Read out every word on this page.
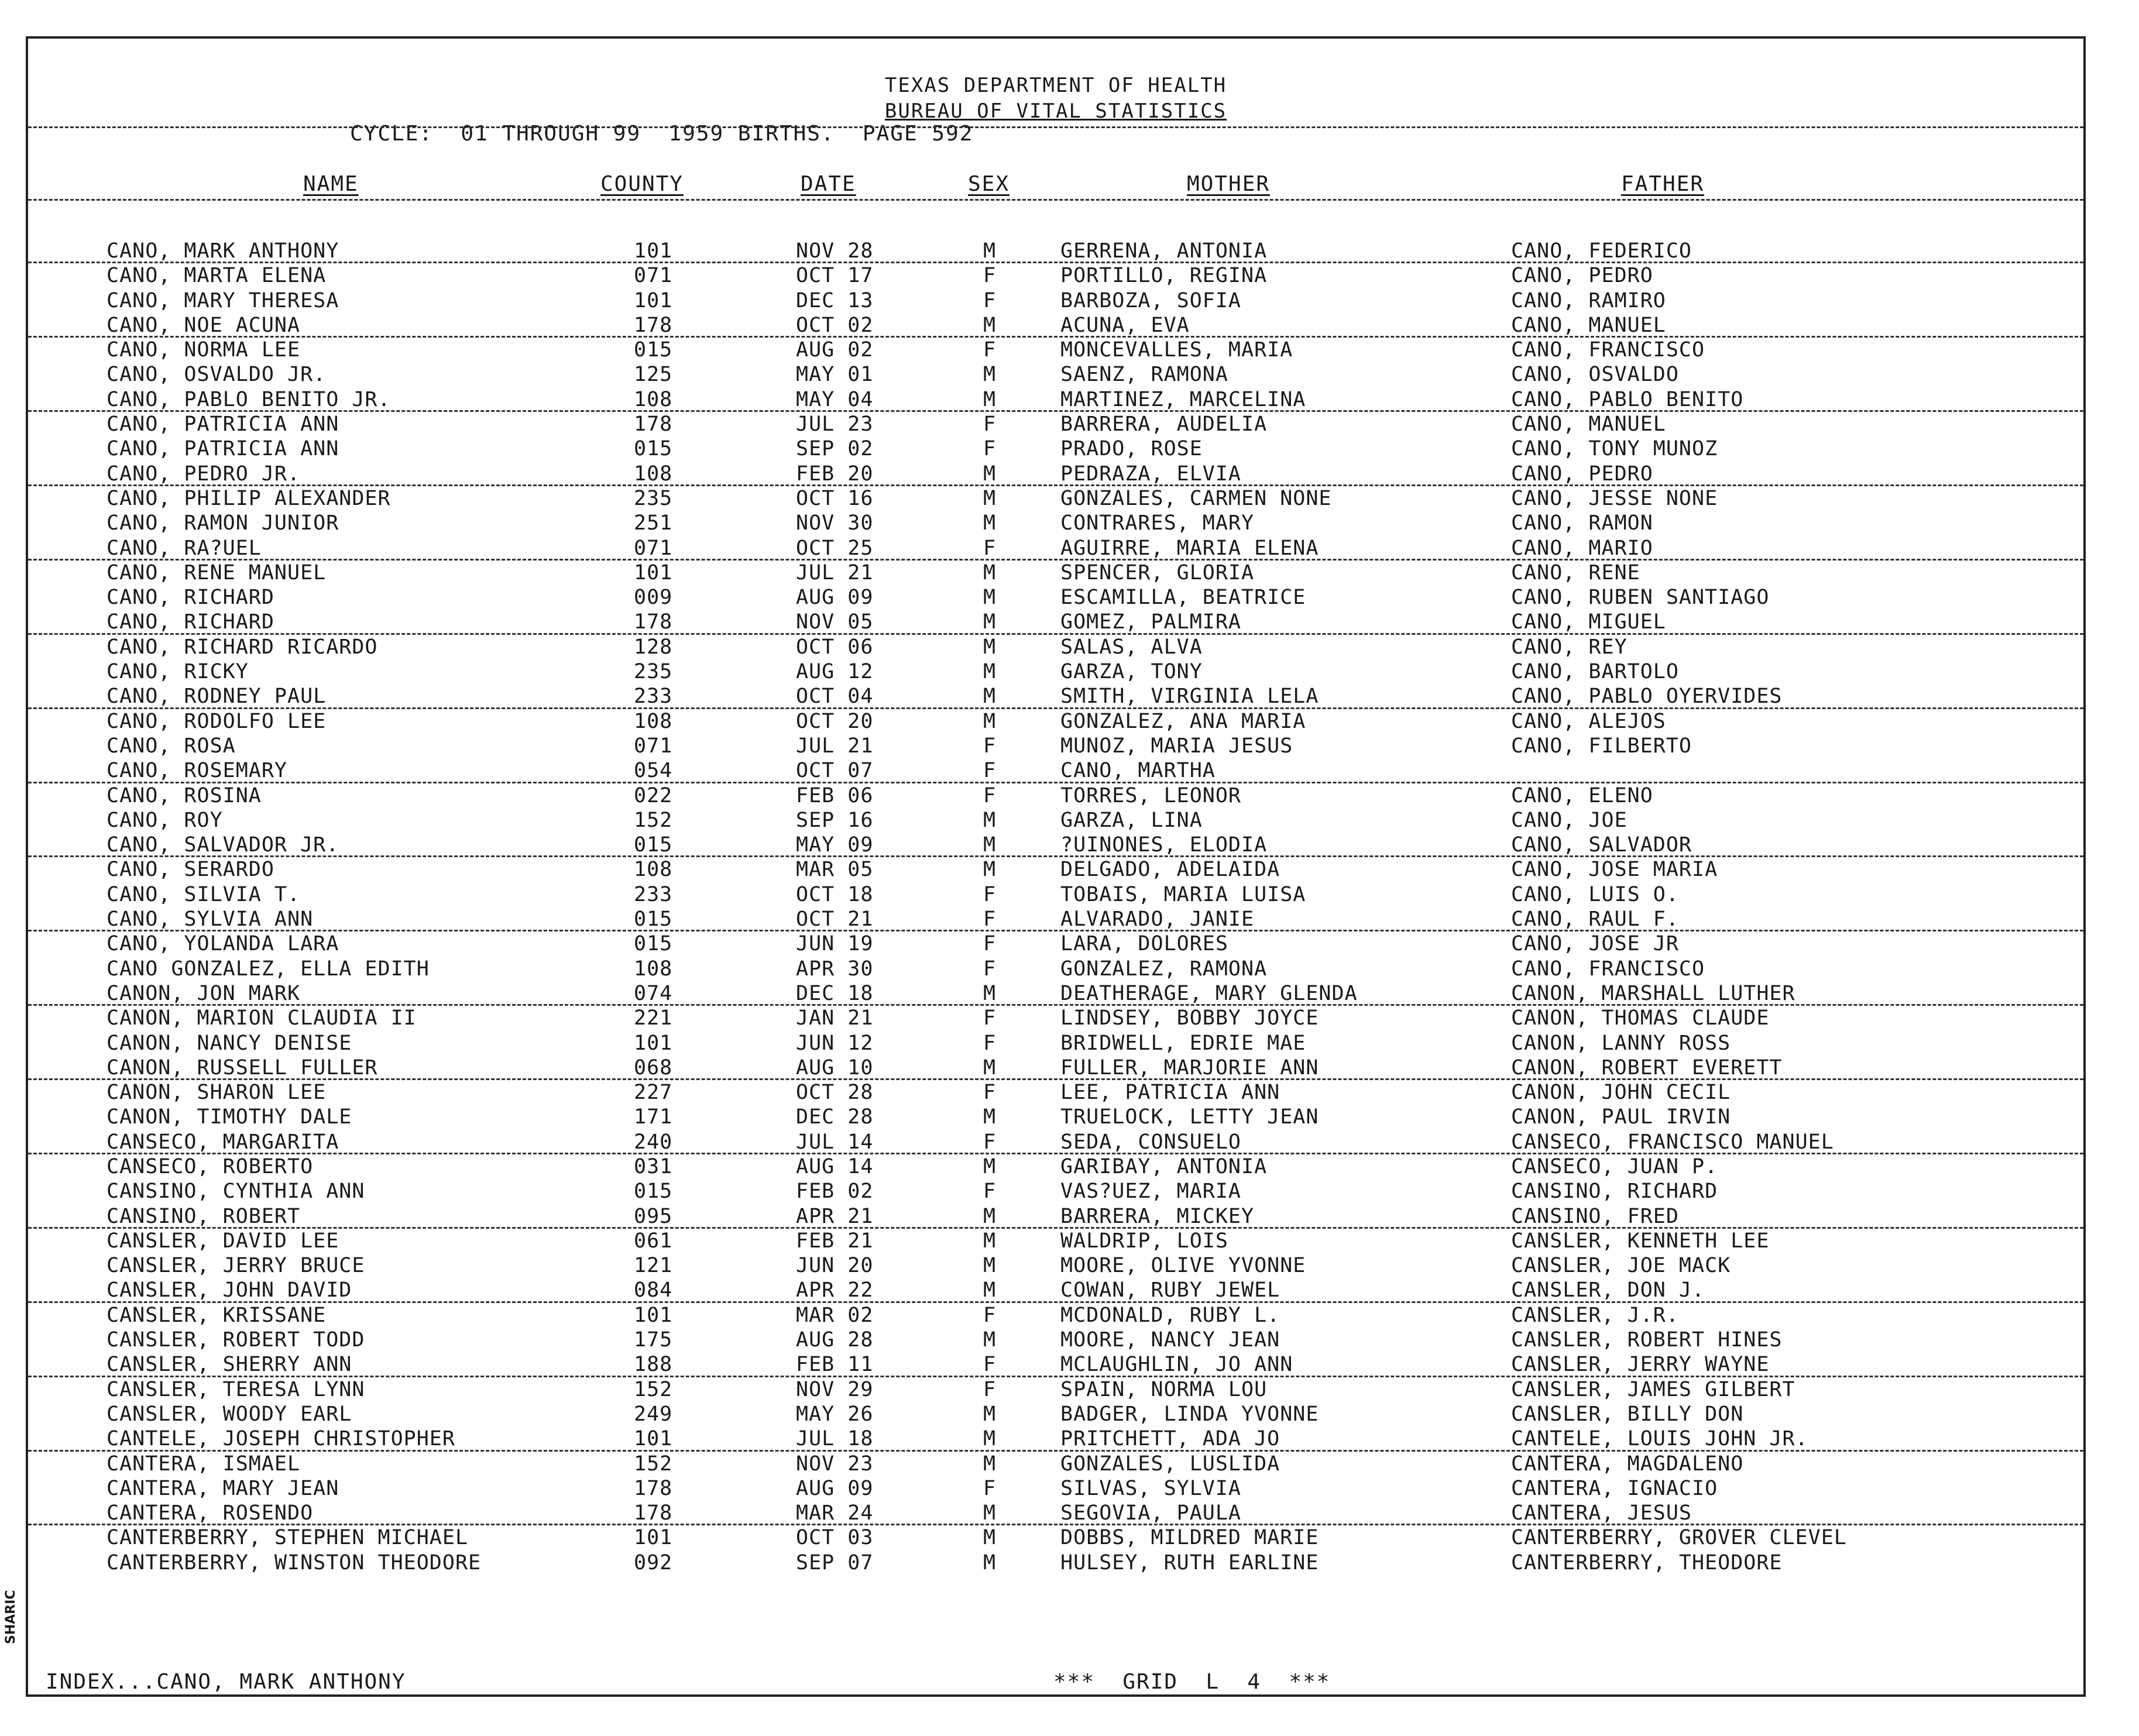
TEXAS DEPARTMENT OF HEALTH
BUREAU OF VITAL STATISTICS
CYCLE:  01 THROUGH 99  1959 BIRTHS.  PAGE 592
NAME	COUNTY	DATE	SEX	MOTHER	FATHER
CANO, MARK ANTHONY	101	NOV 28	M	GERRENA, ANTONIA	CANO, FEDERICO
CANO, MARTA ELENA	071	OCT 17	F	PORTILLO, REGINA	CANO, PEDRO
CANO, MARY THERESA	101	DEC 13	F	BARBOZA, SOFIA	CANO, RAMIRO
CANO, NOE ACUNA	178	OCT 02	M	ACUNA, EVA	CANO, MANUEL
CANO, NORMA LEE	015	AUG 02	F	MONCEVALLES, MARIA	CANO, FRANCISCO
CANO, OSVALDO JR.	125	MAY 01	M	SAENZ, RAMONA	CANO, OSVALDO
CANO, PABLO BENITO JR.	108	MAY 04	M	MARTINEZ, MARCELINA	CANO, PABLO BENITO
CANO, PATRICIA ANN	178	JUL 23	F	BARRERA, AUDELIA	CANO, MANUEL
CANO, PATRICIA ANN	015	SEP 02	F	PRADO, ROSE	CANO, TONY MUNOZ
CANO, PEDRO JR.	108	FEB 20	M	PEDRAZA, ELVIA	CANO, PEDRO
CANO, PHILIP ALEXANDER	235	OCT 16	M	GONZALES, CARMEN NONE	CANO, JESSE NONE
CANO, RAMON JUNIOR	251	NOV 30	M	CONTRARES, MARY	CANO, RAMON
CANO, RA?UEL	071	OCT 25	F	AGUIRRE, MARIA ELENA	CANO, MARIO
CANO, RENE MANUEL	101	JUL 21	M	SPENCER, GLORIA	CANO, RENE
CANO, RICHARD	009	AUG 09	M	ESCAMILLA, BEATRICE	CANO, RUBEN SANTIAGO
CANO, RICHARD	178	NOV 05	M	GOMEZ, PALMIRA	CANO, MIGUEL
CANO, RICHARD RICARDO	128	OCT 06	M	SALAS, ALVA	CANO, REY
CANO, RICKY	235	AUG 12	M	GARZA, TONY	CANO, BARTOLO
CANO, RODNEY PAUL	233	OCT 04	M	SMITH, VIRGINIA LELA	CANO, PABLO OYERVIDES
CANO, RODOLFO LEE	108	OCT 20	M	GONZALEZ, ANA MARIA	CANO, ALEJOS
CANO, ROSA	071	JUL 21	F	MUNOZ, MARIA JESUS	CANO, FILBERTO
CANO, ROSEMARY	054	OCT 07	F	CANO, MARTHA
CANO, ROSINA	022	FEB 06	F	TORRES, LEONOR	CANO, ELENO
CANO, ROY	152	SEP 16	M	GARZA, LINA	CANO, JOE
CANO, SALVADOR JR.	015	MAY 09	M	?UINONES, ELODIA	CANO, SALVADOR
CANO, SERARDO	108	MAR 05	M	DELGADO, ADELAIDA	CANO, JOSE MARIA
CANO, SILVIA T.	233	OCT 18	F	TOBAIS, MARIA LUISA	CANO, LUIS O.
CANO, SYLVIA ANN	015	OCT 21	F	ALVARADO, JANIE	CANO, RAUL F.
CANO, YOLANDA LARA	015	JUN 19	F	LARA, DOLORES	CANO, JOSE JR
CANO GONZALEZ, ELLA EDITH	108	APR 30	F	GONZALEZ, RAMONA	CANO, FRANCISCO
CANON, JON MARK	074	DEC 18	M	DEATHERAGE, MARY GLENDA	CANON, MARSHALL LUTHER
CANON, MARION CLAUDIA II	221	JAN 21	F	LINDSEY, BOBBY JOYCE	CANON, THOMAS CLAUDE
CANON, NANCY DENISE	101	JUN 12	F	BRIDWELL, EDRIE MAE	CANON, LANNY ROSS
CANON, RUSSELL FULLER	068	AUG 10	M	FULLER, MARJORIE ANN	CANON, ROBERT EVERETT
CANON, SHARON LEE	227	OCT 28	F	LEE, PATRICIA ANN	CANON, JOHN CECIL
CANON, TIMOTHY DALE	171	DEC 28	M	TRUELOCK, LETTY JEAN	CANON, PAUL IRVIN
CANSECO, MARGARITA	240	JUL 14	F	SEDA, CONSUELO	CANSECO, FRANCISCO MANUEL
CANSECO, ROBERTO	031	AUG 14	M	GARIBAY, ANTONIA	CANSECO, JUAN P.
CANSINO, CYNTHIA ANN	015	FEB 02	F	VAS?UEZ, MARIA	CANSINO, RICHARD
CANSINO, ROBERT	095	APR 21	M	BARRERA, MICKEY	CANSINO, FRED
CANSLER, DAVID LEE	061	FEB 21	M	WALDRIP, LOIS	CANSLER, KENNETH LEE
CANSLER, JERRY BRUCE	121	JUN 20	M	MOORE, OLIVE YVONNE	CANSLER, JOE MACK
CANSLER, JOHN DAVID	084	APR 22	M	COWAN, RUBY JEWEL	CANSLER, DON J.
CANSLER, KRISSANE	101	MAR 02	F	MCDONALD, RUBY L.	CANSLER, J.R.
CANSLER, ROBERT TODD	175	AUG 28	M	MOORE, NANCY JEAN	CANSLER, ROBERT HINES
CANSLER, SHERRY ANN	188	FEB 11	F	MCLAUGHLIN, JO ANN	CANSLER, JERRY WAYNE
CANSLER, TERESA LYNN	152	NOV 29	F	SPAIN, NORMA LOU	CANSLER, JAMES GILBERT
CANSLER, WOODY EARL	249	MAY 26	M	BADGER, LINDA YVONNE	CANSLER, BILLY DON
CANTELE, JOSEPH CHRISTOPHER	101	JUL 18	M	PRITCHETT, ADA JO	CANTELE, LOUIS JOHN JR.
CANTERA, ISMAEL	152	NOV 23	M	GONZALES, LUSLIDA	CANTERA, MAGDALENO
CANTERA, MARY JEAN	178	AUG 09	F	SILVAS, SYLVIA	CANTERA, IGNACIO
CANTERA, ROSENDO	178	MAR 24	M	SEGOVIA, PAULA	CANTERA, JESUS
CANTERBERRY, STEPHEN MICHAEL	101	OCT 03	M	DOBBS, MILDRED MARIE	CANTERBERRY, GROVER CLEVEL
CANTERBERRY, WINSTON THEODORE	092	SEP 07	M	HULSEY, RUTH EARLINE	CANTERBERRY, THEODORE
INDEX...CANO, MARK ANTHONY	***  GRID  L  4  ***
SHARIC
